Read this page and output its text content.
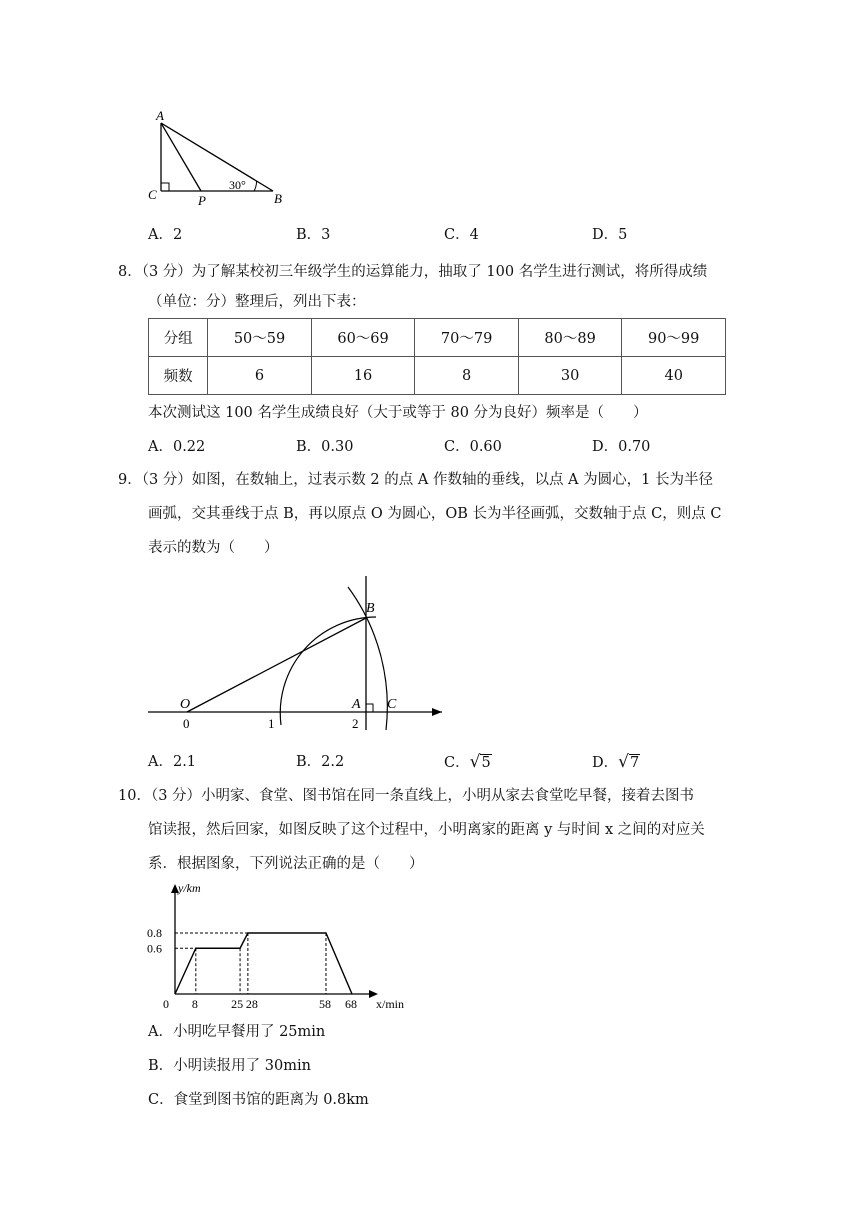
A
C	P	B
30°
A．2	B．3	C．4	D．5
8．（3 分）为了解某校初三年级学生的运算能力，抽取了 100 名学生进行测试，将所得成绩
（单位：分）整理后，列出下表：
分组	50～59	60～69	70～79	80～89	90～99
频数	6	16	8	30	40
本次测试这 100 名学生成绩良好（大于或等于 80 分为良好）频率是（　　）
A．0.22	B．0.30	C．0.60	D．0.70
9．（3 分）如图，在数轴上，过表示数 2 的点 A 作数轴的垂线，以点 A 为圆心，1 长为半径
画弧，交其垂线于点 B，再以原点 O 为圆心，OB 长为半径画弧，交数轴于点 C，则点 C
表示的数为（　　）
B
O	A C
0	1	2
A．2.1	B．2.2	C．√5	D．√7
10．（3 分）小明家、食堂、图书馆在同一条直线上，小明从家去食堂吃早餐，接着去图书
馆读报，然后回家，如图反映了这个过程中，小明离家的距离 y 与时间 x 之间的对应关
系．根据图象，下列说法正确的是（　　）
y/km
x/min
0 8	25 28	58 68
0.8
0.6
A．小明吃早餐用了 25min
B．小明读报用了 30min
C．食堂到图书馆的距离为 0.8km
